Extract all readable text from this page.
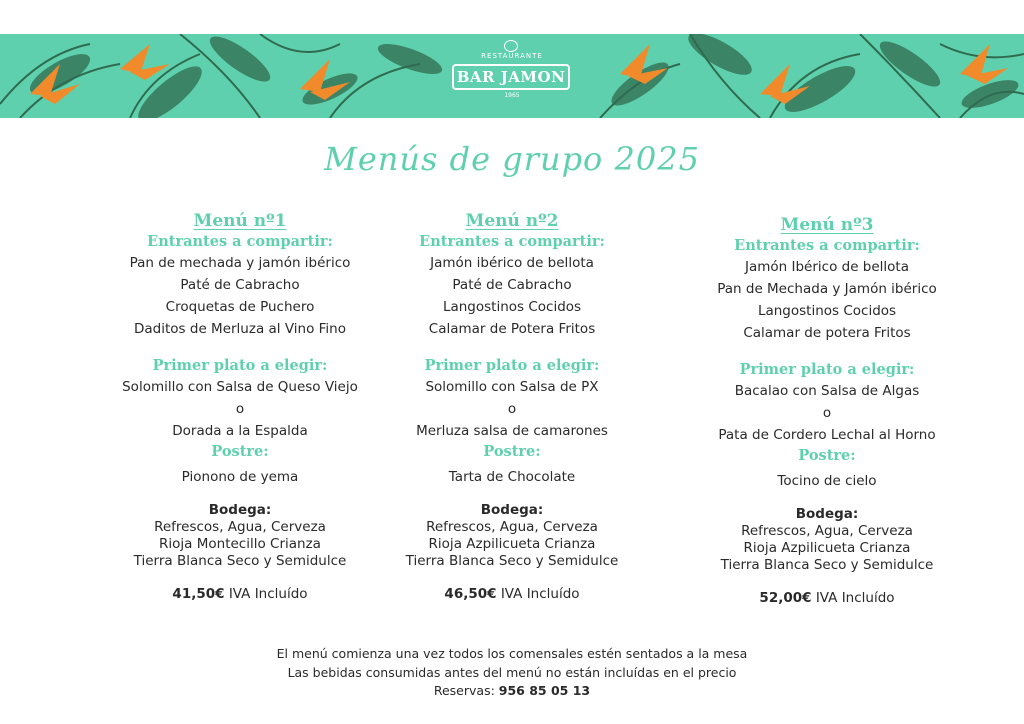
RESTAURANTE
BAR JAMON
1965
Menús de grupo 2025
Menú nº1
Entrantes a compartir:
Pan de mechada y jamón ibérico
Paté de Cabracho
Croquetas de Puchero
Daditos de Merluza al Vino Fino
Primer plato a elegir:
Solomillo con Salsa de Queso Viejo
o
Dorada a la Espalda
Postre:
Piononо de yema
Bodega:
Refrescos, Agua, Cerveza
Rioja Montecillo Crianza
Tierra Blanca Seco y Semidulce
41,50€ IVA Incluído
Menú nº2
Entrantes a compartir:
Jamón ibérico de bellota
Paté de Cabracho
Langostinos Cocidos
Calamar de Potera Fritos
Primer plato a elegir:
Solomillo con Salsa de PX
o
Merluza salsa de camarones
Postre:
Tarta de Chocolate
Bodega:
Refrescos, Agua, Cerveza
Rioja Azpilicueta Crianza
Tierra Blanca Seco y Semidulce
46,50€ IVA Incluído
Menú nº3
Entrantes a compartir:
Jamón Ibérico de bellota
Pan de Mechada y Jamón ibérico
Langostinos Cocidos
Calamar de potera Fritos
Primer plato a elegir:
Bacalao con Salsa de Algas
o
Pata de Cordero Lechal al Horno
Postre:
Tocino de cielo
Bodega:
Refrescos, Agua, Cerveza
Rioja Azpilicueta Crianza
Tierra Blanca Seco y Semidulce
52,00€ IVA Incluído
El menú comienza una vez todos los comensales estén sentados a la mesa
Las bebidas consumidas antes del menú no están incluídas en el precio
Reservas: 956 85 05 13
